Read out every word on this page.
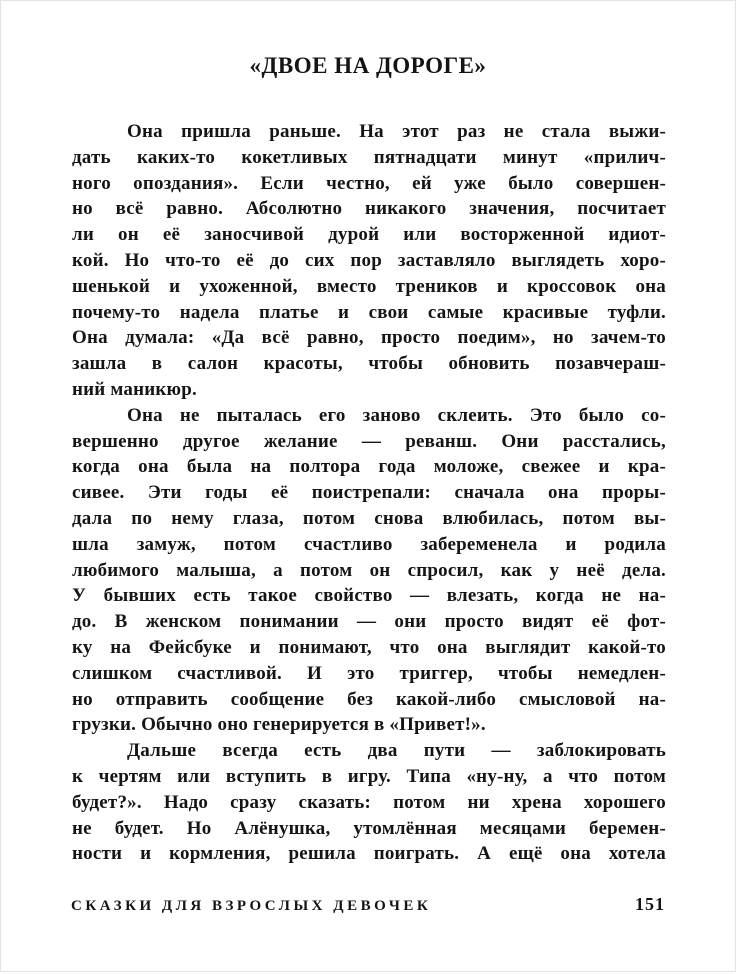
«ДВОЕ НА ДОРОГЕ»
Она пришла раньше. На этот раз не стала выжи-
дать каких-то кокетливых пятнадцати минут «прилич-
ного опоздания». Если честно, ей уже было совершен-
но всё равно. Абсолютно никакого значения, посчитает
ли он её заносчивой дурой или восторженной идиот-
кой. Но что-то её до сих пор заставляло выглядеть хоро-
шенькой и ухоженной, вместо треников и кроссовок она
почему-то надела платье и свои самые красивые туфли.
Она думала: «Да всё равно, просто поедим», но зачем-то
зашла в салон красоты, чтобы обновить позавчераш-
ний маникюр.
Она не пыталась его заново склеить. Это было со-
вершенно другое желание — реванш. Они расстались,
когда она была на полтора года моложе, свежее и кра-
сивее. Эти годы её поистрепали: сначала она проры-
дала по нему глаза, потом снова влюбилась, потом вы-
шла замуж, потом счастливо забеременела и родила
любимого малыша, а потом он спросил, как у неё дела.
У бывших есть такое свойство — влезать, когда не на-
до. В женском понимании — они просто видят её фот-
ку на Фейсбуке и понимают, что она выглядит какой-то
слишком счастливой. И это триггер, чтобы немедлен-
но отправить сообщение без какой-либо смысловой на-
грузки. Обычно оно генерируется в «Привет!».
Дальше всегда есть два пути — заблокировать
к чертям или вступить в игру. Типа «ну-ну, а что потом
будет?». Надо сразу сказать: потом ни хрена хорошего
не будет. Но Алёнушка, утомлённая месяцами беремен-
ности и кормления, решила поиграть. А ещё она хотела
СКАЗКИ ДЛЯ ВЗРОСЛЫХ ДЕВОЧЕК	151
